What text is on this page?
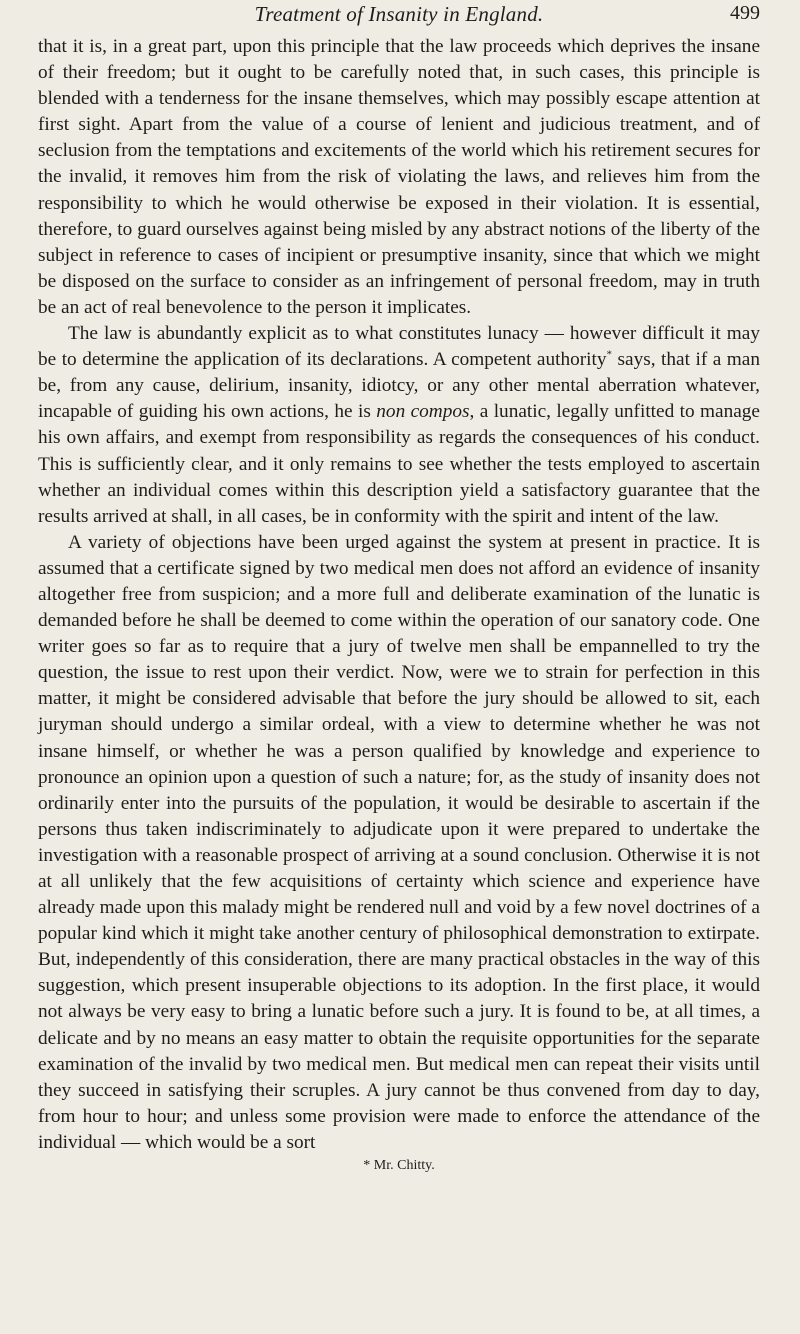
Treatment of Insanity in England.	499

that it is, in a great part, upon this principle that the law proceeds which deprives the insane of their freedom; but it ought to be carefully noted that, in such cases, this principle is blended with a tenderness for the insane themselves, which may possibly escape attention at first sight. Apart from the value of a course of lenient and judicious treatment, and of seclusion from the temptations and excitements of the world which his retirement secures for the invalid, it removes him from the risk of violating the laws, and relieves him from the responsibility to which he would otherwise be exposed in their violation. It is essential, therefore, to guard ourselves against being misled by any abstract notions of the liberty of the subject in reference to cases of incipient or presumptive insanity, since that which we might be disposed on the surface to consider as an infringement of personal freedom, may in truth be an act of real benevolence to the person it implicates.

The law is abundantly explicit as to what constitutes lunacy — however difficult it may be to determine the application of its declarations. A competent authority* says, that if a man be, from any cause, delirium, insanity, idiotcy, or any other mental aberration whatever, incapable of guiding his own actions, he is non compos, a lunatic, legally unfitted to manage his own affairs, and exempt from responsibility as regards the consequences of his conduct. This is sufficiently clear, and it only remains to see whether the tests employed to ascertain whether an individual comes within this description yield a satisfactory guarantee that the results arrived at shall, in all cases, be in conformity with the spirit and intent of the law.

A variety of objections have been urged against the system at present in practice. It is assumed that a certificate signed by two medical men does not afford an evidence of insanity altogether free from suspicion; and a more full and deliberate examination of the lunatic is demanded before he shall be deemed to come within the operation of our sanatory code. One writer goes so far as to require that a jury of twelve men shall be empannelled to try the question, the issue to rest upon their verdict. Now, were we to strain for perfection in this matter, it might be considered advisable that before the jury should be allowed to sit, each juryman should undergo a similar ordeal, with a view to determine whether he was not insane himself, or whether he was a person qualified by knowledge and experience to pronounce an opinion upon a question of such a nature; for, as the study of insanity does not ordinarily enter into the pursuits of the population, it would be desirable to ascertain if the persons thus taken indiscriminately to adjudicate upon it were prepared to undertake the investigation with a reasonable prospect of arriving at a sound conclusion. Otherwise it is not at all unlikely that the few acquisitions of certainty which science and experience have already made upon this malady might be rendered null and void by a few novel doctrines of a popular kind which it might take another century of philosophical demonstration to extirpate. But, independently of this consideration, there are many practical obstacles in the way of this suggestion, which present insuperable objections to its adoption. In the first place, it would not always be very easy to bring a lunatic before such a jury. It is found to be, at all times, a delicate and by no means an easy matter to obtain the requisite opportunities for the separate examination of the invalid by two medical men. But medical men can repeat their visits until they succeed in satisfying their scruples. A jury cannot be thus convened from day to day, from hour to hour; and unless some provision were made to enforce the attendance of the individual — which would be a sort

* Mr. Chitty.
